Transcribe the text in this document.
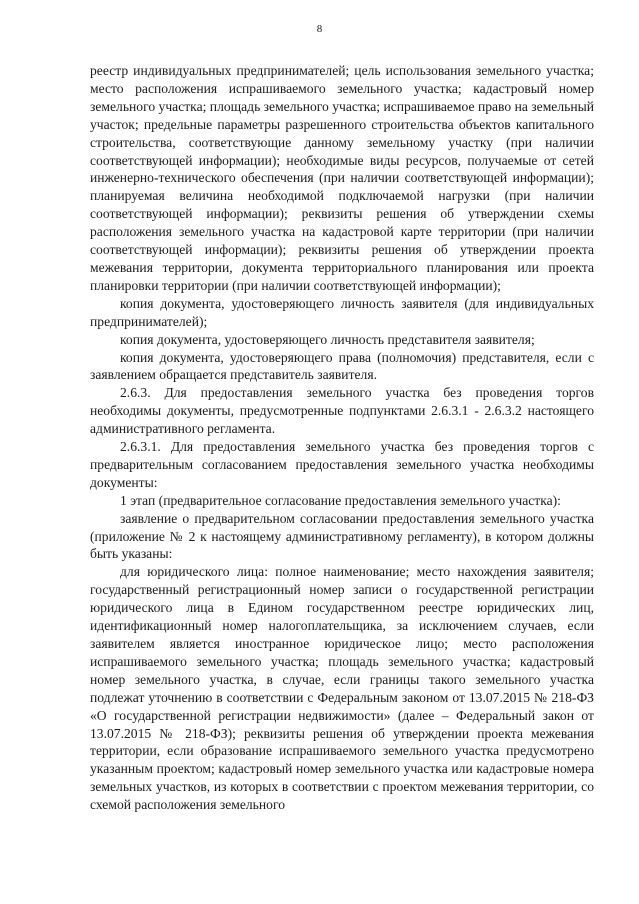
8

реестр индивидуальных предпринимателей; цель использования земельного участка; место расположения испрашиваемого земельного участка; кадастровый номер земельного участка; площадь земельного участка; испрашиваемое право на земельный участок; предельные параметры разрешенного строительства объектов капитального строительства, соответствующие данному земельному участку (при наличии соответствующей информации); необходимые виды ресурсов, получаемые от сетей инженерно-технического обеспечения (при наличии соответствующей информации); планируемая величина необходимой подключаемой нагрузки (при наличии соответствующей информации); реквизиты решения об утверждении схемы расположения земельного участка на кадастровой карте территории (при наличии соответствующей информации); реквизиты решения об утверждении проекта межевания территории, документа территориального планирования или проекта планировки территории (при наличии соответствующей информации);

копия документа, удостоверяющего личность заявителя (для индивидуальных предпринимателей);

копия документа, удостоверяющего личность представителя заявителя;

копия документа, удостоверяющего права (полномочия) представителя, если с заявлением обращается представитель заявителя.

2.6.3. Для предоставления земельного участка без проведения торгов необходимы документы, предусмотренные подпунктами 2.6.3.1 - 2.6.3.2 настоящего административного регламента.

2.6.3.1. Для предоставления земельного участка без проведения торгов с предварительным согласованием предоставления земельного участка необходимы документы:

1 этап (предварительное согласование предоставления земельного участка):

заявление о предварительном согласовании предоставления земельного участка (приложение № 2 к настоящему административному регламенту), в котором должны быть указаны:

для юридического лица: полное наименование; место нахождения заявителя; государственный регистрационный номер записи о государственной регистрации юридического лица в Едином государственном реестре юридических лиц, идентификационный номер налогоплательщика, за исключением случаев, если заявителем является иностранное юридическое лицо; место расположения испрашиваемого земельного участка; площадь земельного участка; кадастровый номер земельного участка, в случае, если границы такого земельного участка подлежат уточнению в соответствии с Федеральным законом от 13.07.2015 № 218-ФЗ «О государственной регистрации недвижимости» (далее – Федеральный закон от 13.07.2015 № 218-ФЗ); реквизиты решения об утверждении проекта межевания территории, если образование испрашиваемого земельного участка предусмотрено указанным проектом; кадастровый номер земельного участка или кадастровые номера земельных участков, из которых в соответствии с проектом межевания территории, со схемой расположения земельного
